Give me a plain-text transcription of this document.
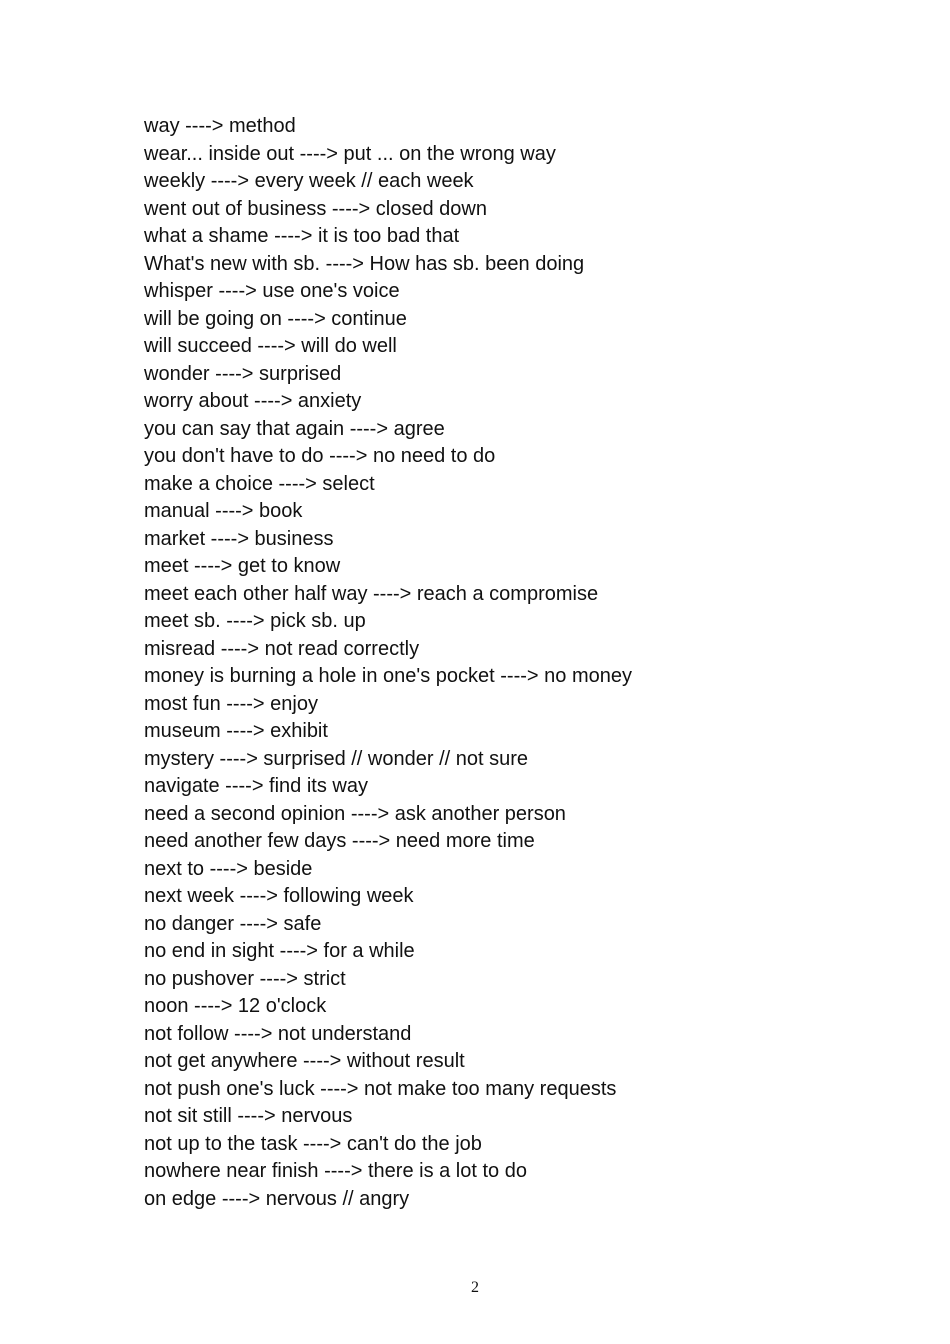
way ----> method
wear... inside out ----> put ... on the wrong way
weekly ----> every week // each week
went out of business ----> closed down
what a shame ----> it is too bad that
What's new with sb. ----> How has sb. been doing
whisper ----> use one's voice
will be going on ----> continue
will succeed ----> will do well
wonder ----> surprised
worry about ----> anxiety
you can say that again ----> agree
you don't have to do ----> no need to do
make a choice ----> select
manual ----> book
market ----> business
meet ----> get to know
meet each other half way ----> reach a compromise
meet sb. ----> pick sb. up
misread ----> not read correctly
money is burning a hole in one's pocket ----> no money
most fun ----> enjoy
museum ----> exhibit
mystery ----> surprised // wonder // not sure
navigate ----> find its way
need a second opinion ----> ask another person
need another few days ----> need more time
next to ----> beside
next week ----> following week
no danger ----> safe
no end in sight ----> for a while
no pushover ----> strict
noon ----> 12 o'clock
not follow ----> not understand
not get anywhere ----> without result
not push one's luck ----> not make too many requests
not sit still ----> nervous
not up to the task ----> can't do the job
nowhere near finish ----> there is a lot to do
on edge ----> nervous // angry
2
